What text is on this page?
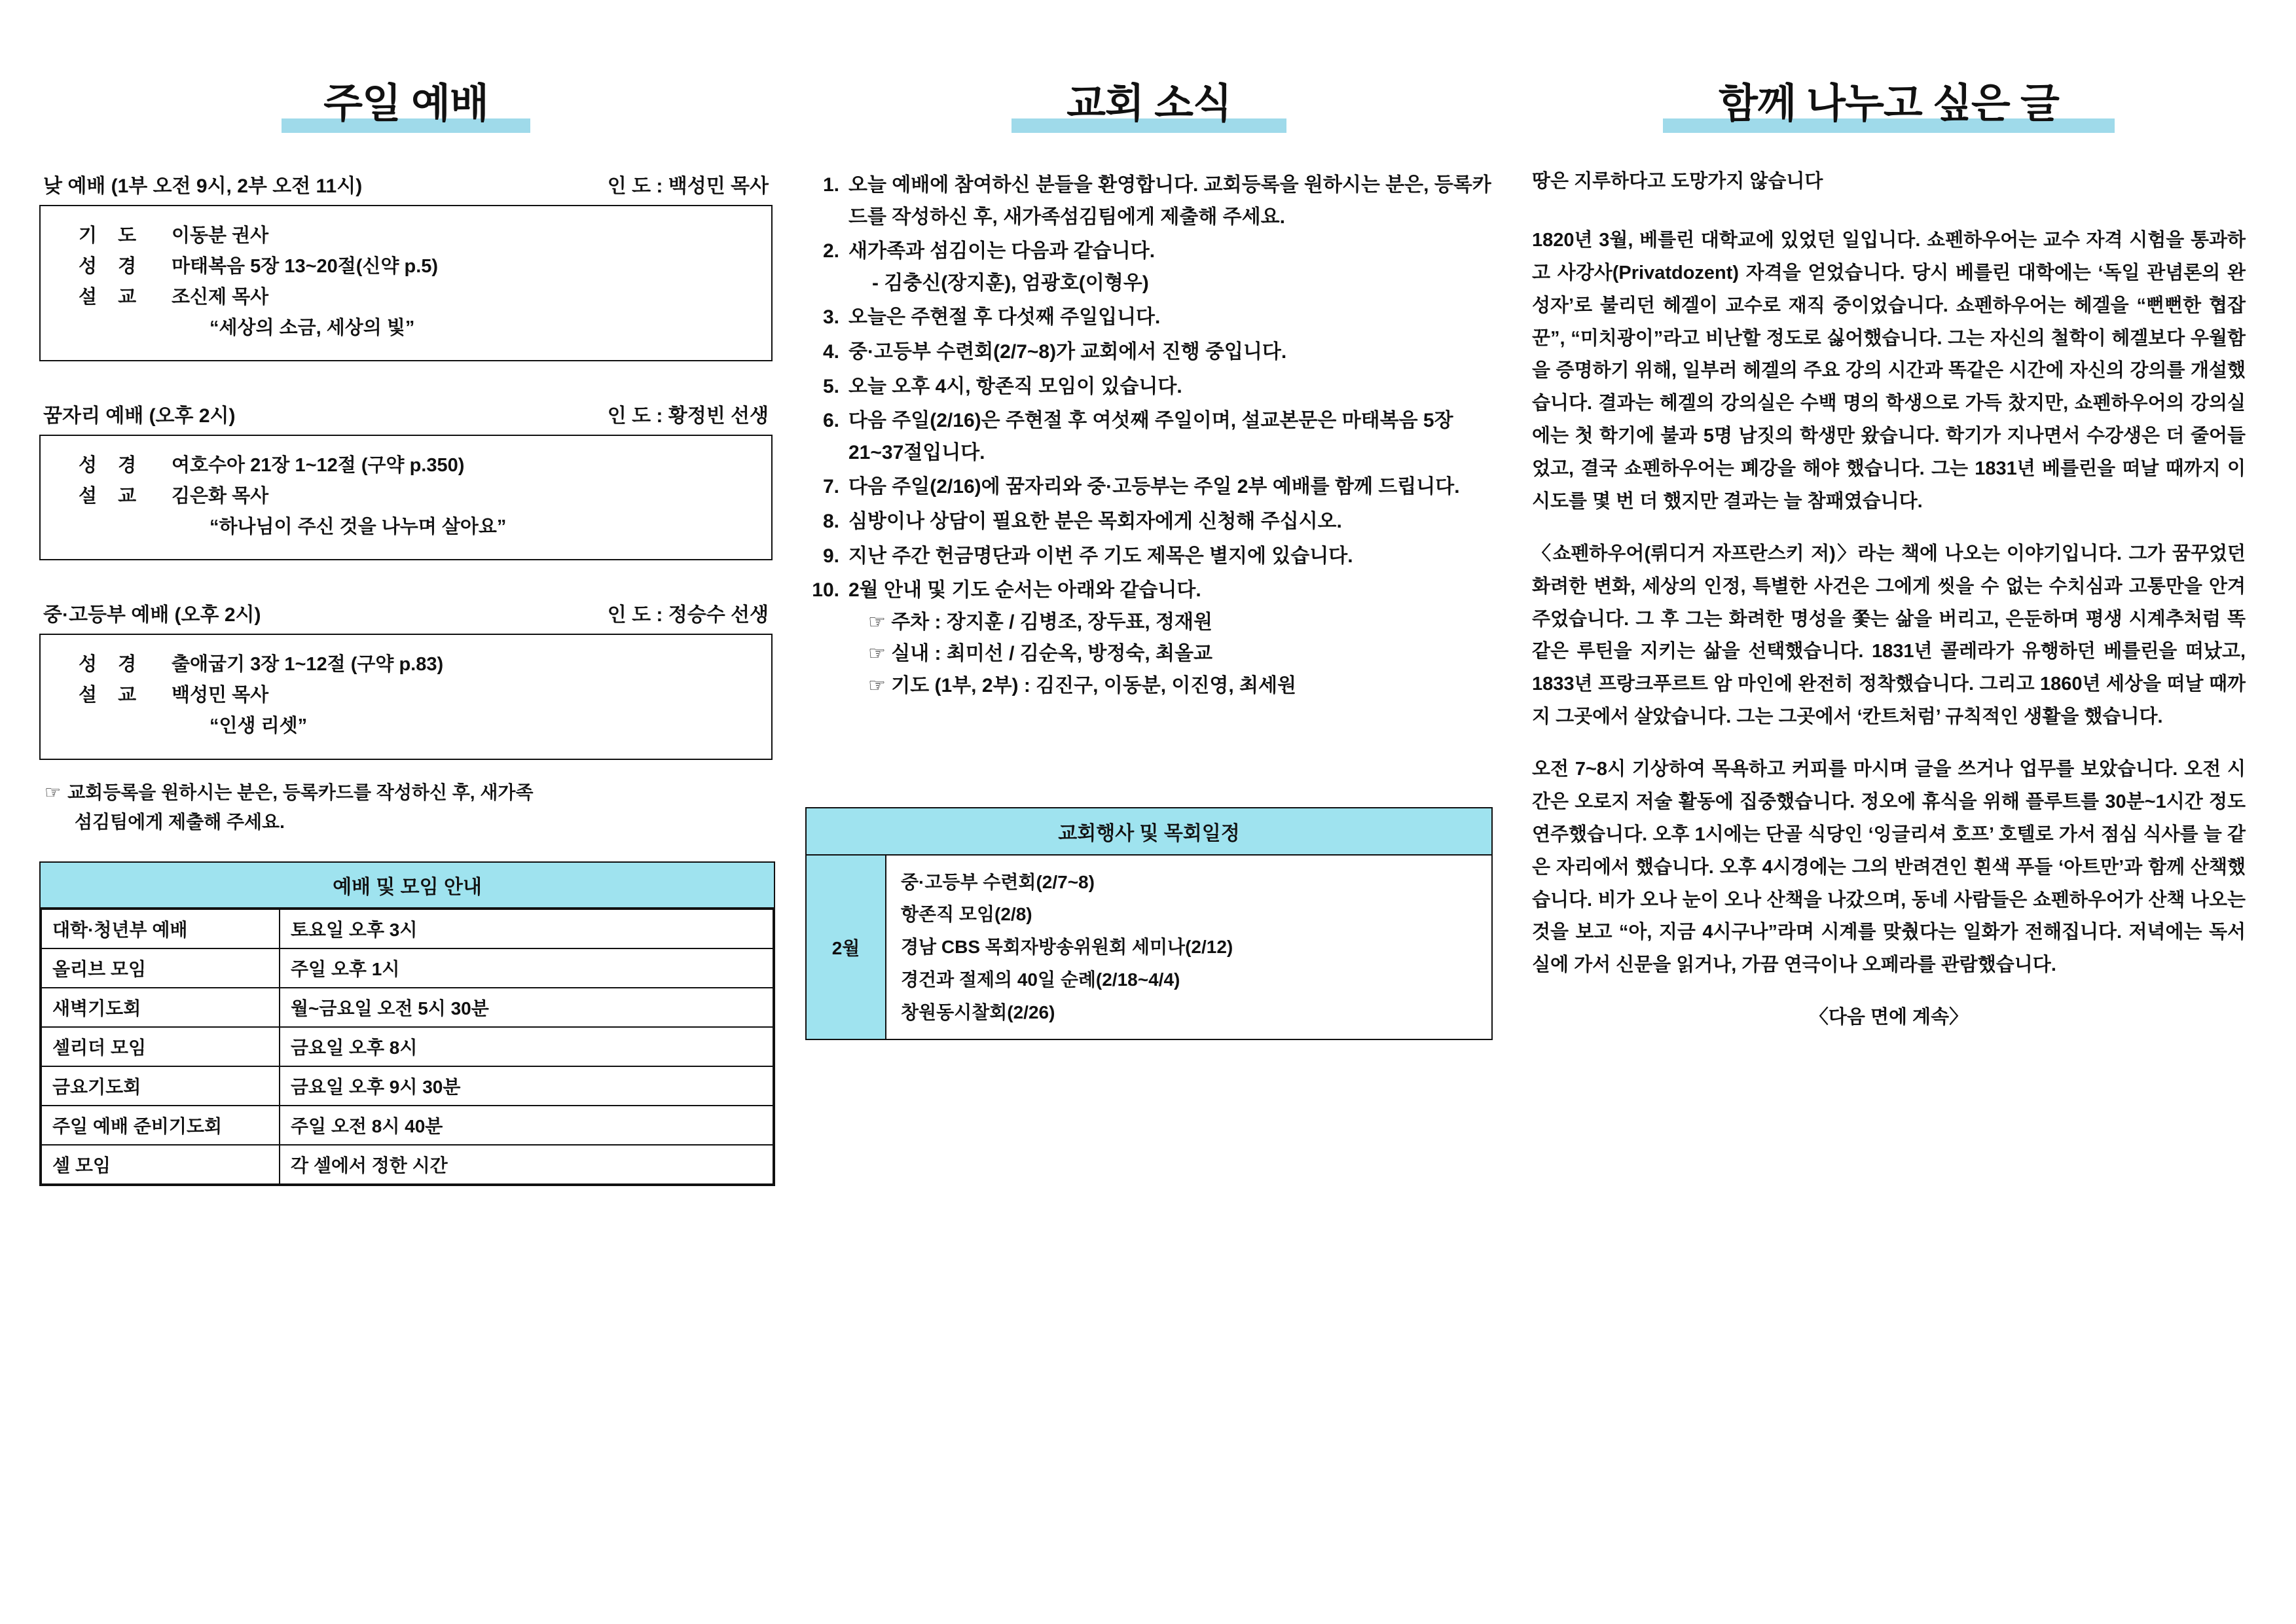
주일 예배
낮 예배 (1부 오전 9시, 2부 오전 11시)	인 도 : 백성민 목사
기 도	이동분 권사
성 경	마태복음 5장 13~20절(신약 p.5)
설 교	조신제 목사
“세상의 소금, 세상의 빛”
꿈자리 예배 (오후 2시)	인 도 : 황정빈 선생
성 경	여호수아 21장 1~12절 (구약 p.350)
설 교	김은화 목사
“하나님이 주신 것을 나누며 살아요”
중·고등부 예배 (오후 2시)	인 도 : 정승수 선생
성 경	출애굽기 3장 1~12절 (구약 p.83)
설 교	백성민 목사
“인생 리셋”
☞ 교회등록을 원하시는 분은, 등록카드를 작성하신 후, 새가족
섬김팀에게 제출해 주세요.
예배 및 모임 안내
대학·청년부 예배	토요일 오후 3시
올리브 모임	주일 오후 1시
새벽기도회	월~금요일 오전 5시 30분
셀리더 모임	금요일 오후 8시
금요기도회	금요일 오후 9시 30분
주일 예배 준비기도회	주일 오전 8시 40분
셀 모임	각 셀에서 정한 시간
교회 소식
1. 오늘 예배에 참여하신 분들을 환영합니다. 교회등록을 원하시는 분은, 등록카드를 작성하신 후, 새가족섬김팀에게 제출해 주세요.
2. 새가족과 섬김이는 다음과 같습니다.
- 김충신(장지훈), 엄광호(이형우)
3. 오늘은 주현절 후 다섯째 주일입니다.
4. 중·고등부 수련회(2/7~8)가 교회에서 진행 중입니다.
5. 오늘 오후 4시, 항존직 모임이 있습니다.
6. 다음 주일(2/16)은 주현절 후 여섯째 주일이며, 설교본문은 마태복음 5장 21~37절입니다.
7. 다음 주일(2/16)에 꿈자리와 중·고등부는 주일 2부 예배를 함께 드립니다.
8. 심방이나 상담이 필요한 분은 목회자에게 신청해 주십시오.
9. 지난 주간 헌금명단과 이번 주 기도 제목은 별지에 있습니다.
10. 2월 안내 및 기도 순서는 아래와 같습니다.
☞ 주차 : 장지훈 / 김병조, 장두표, 정재원
☞ 실내 : 최미선 / 김순옥, 방정숙, 최올교
☞ 기도 (1부, 2부) : 김진구, 이동분, 이진영, 최세원
교회행사 및 목회일정
2월
중·고등부 수련회(2/7~8)
항존직 모임(2/8)
경남 CBS 목회자방송위원회 세미나(2/12)
경건과 절제의 40일 순례(2/18~4/4)
창원동시찰회(2/26)
함께 나누고 싶은 글

땅은 지루하다고 도망가지 않습니다

1820년 3월, 베를린 대학교에 있었던 일입니다. 쇼펜하우어는 교수 자격 시험을 통과하고 사강사(Privatdozent) 자격을 얻었습니다. 당시 베를린 대학에는 ‘독일 관념론의 완성자’로 불리던 헤겔이 교수로 재직 중이었습니다. 쇼펜하우어는 헤겔을 “뻔뻔한 협잡꾼”, “미치광이”라고 비난할 정도로 싫어했습니다. 그는 자신의 철학이 헤겔보다 우월함을 증명하기 위해, 일부러 헤겔의 주요 강의 시간과 똑같은 시간에 자신의 강의를 개설했습니다. 결과는 헤겔의 강의실은 수백 명의 학생으로 가득 찼지만, 쇼펜하우어의 강의실에는 첫 학기에 불과 5명 남짓의 학생만 왔습니다. 학기가 지나면서 수강생은 더 줄어들었고, 결국 쇼펜하우어는 폐강을 해야 했습니다. 그는 1831년 베를린을 떠날 때까지 이 시도를 몇 번 더 했지만 결과는 늘 참패였습니다.

〈쇼펜하우어(뤼디거 자프란스키 저)〉라는 책에 나오는 이야기입니다. 그가 꿈꾸었던 화려한 변화, 세상의 인정, 특별한 사건은 그에게 씻을 수 없는 수치심과 고통만을 안겨주었습니다. 그 후 그는 화려한 명성을 쫓는 삶을 버리고, 은둔하며 평생 시계추처럼 똑같은 루틴을 지키는 삶을 선택했습니다. 1831년 콜레라가 유행하던 베를린을 떠났고, 1833년 프랑크푸르트 암 마인에 완전히 정착했습니다. 그리고 1860년 세상을 떠날 때까지 그곳에서 살았습니다. 그는 그곳에서 ‘칸트처럼’ 규칙적인 생활을 했습니다.

오전 7~8시 기상하여 목욕하고 커피를 마시며 글을 쓰거나 업무를 보았습니다. 오전 시간은 오로지 저술 활동에 집중했습니다. 정오에 휴식을 위해 플루트를 30분~1시간 정도 연주했습니다. 오후 1시에는 단골 식당인 ‘잉글리셔 호프’ 호텔로 가서 점심 식사를 늘 같은 자리에서 했습니다. 오후 4시경에는 그의 반려견인 흰색 푸들 ‘아트만’과 함께 산책했습니다. 비가 오나 눈이 오나 산책을 나갔으며, 동네 사람들은 쇼펜하우어가 산책 나오는 것을 보고 “아, 지금 4시구나”라며 시계를 맞췄다는 일화가 전해집니다. 저녁에는 독서실에 가서 신문을 읽거나, 가끔 연극이나 오페라를 관람했습니다.

〈다음 면에 계속〉
